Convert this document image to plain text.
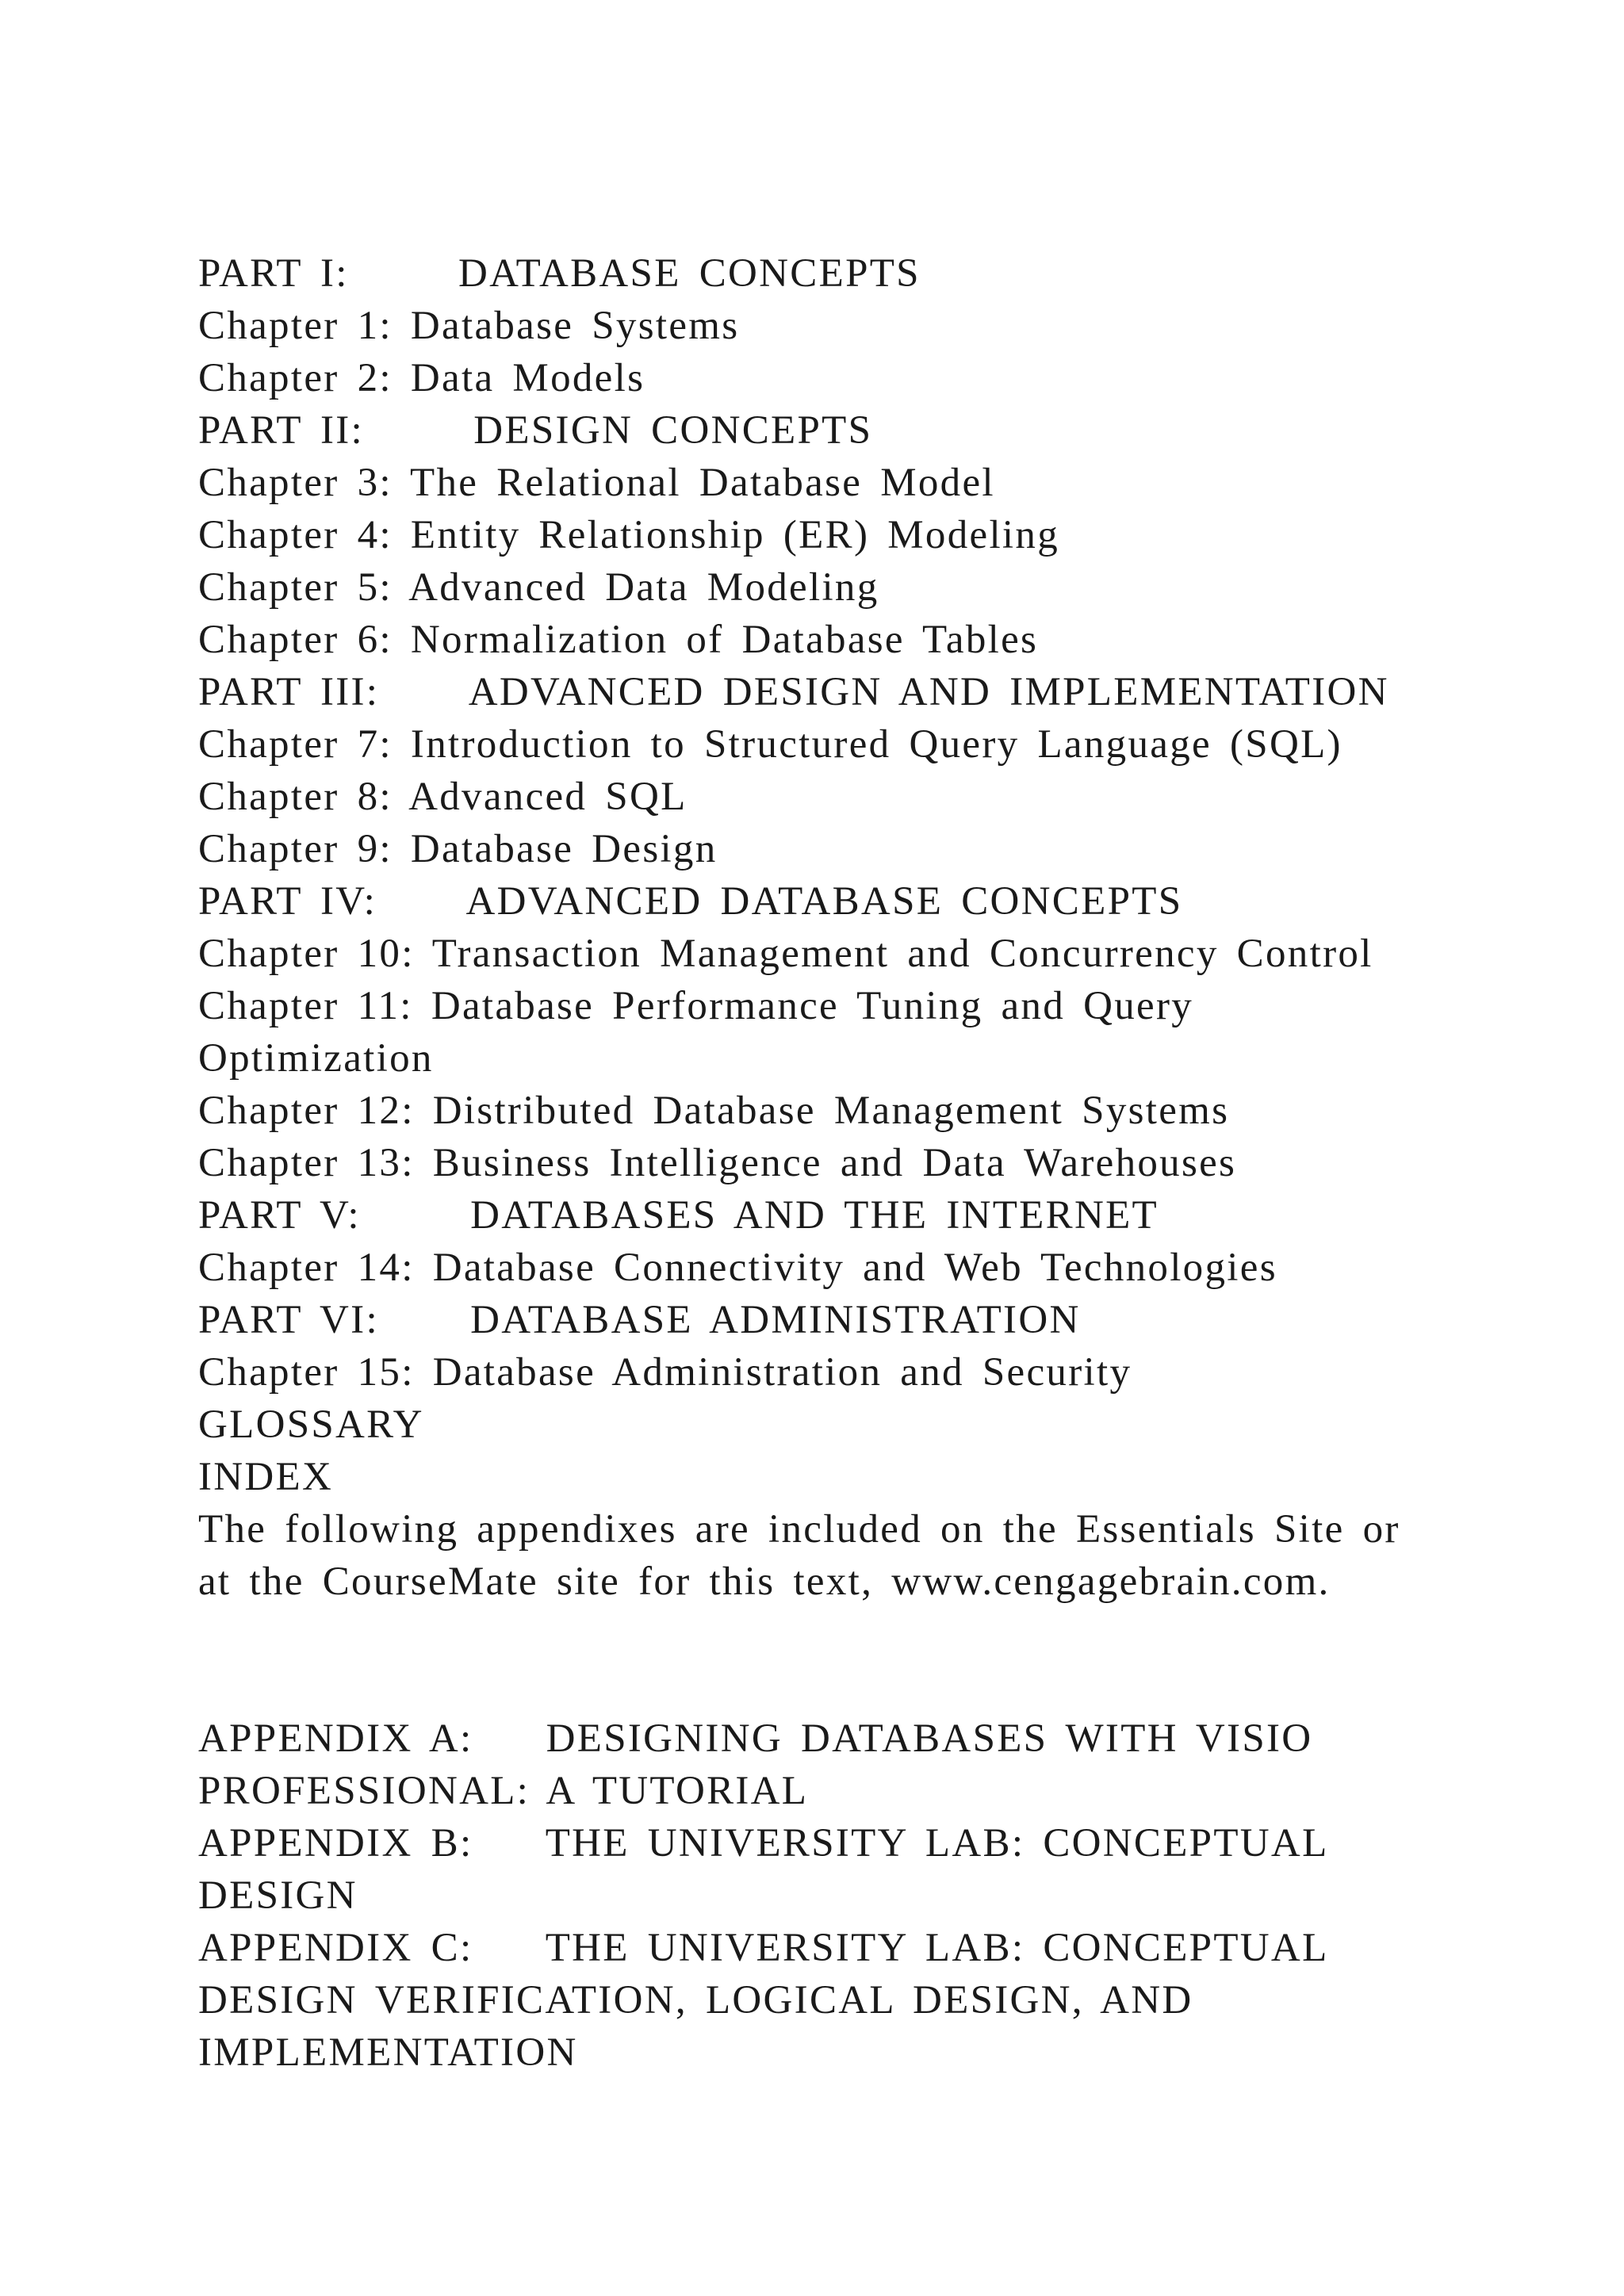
PART I:      DATABASE CONCEPTS

Chapter 1: Database Systems

Chapter 2: Data Models

PART II:      DESIGN CONCEPTS

Chapter 3: The Relational Database Model

Chapter 4: Entity Relationship (ER) Modeling

Chapter 5: Advanced Data Modeling

Chapter 6: Normalization of Database Tables

PART III:     ADVANCED DESIGN AND IMPLEMENTATION

Chapter 7: Introduction to Structured Query Language (SQL)

Chapter 8: Advanced SQL

Chapter 9: Database Design

PART IV:     ADVANCED DATABASE CONCEPTS

Chapter 10: Transaction Management and Concurrency Control

Chapter 11: Database Performance Tuning and Query

Optimization

Chapter 12: Distributed Database Management Systems

Chapter 13: Business Intelligence and Data Warehouses

PART V:      DATABASES AND THE INTERNET

Chapter 14: Database Connectivity and Web Technologies

PART VI:     DATABASE ADMINISTRATION

Chapter 15: Database Administration and Security

GLOSSARY

INDEX

The following appendixes are included on the Essentials Site or

at the CourseMate site for this text, www.cengagebrain.com.

APPENDIX A:    DESIGNING DATABASES WITH VISIO

PROFESSIONAL: A TUTORIAL

APPENDIX B:    THE UNIVERSITY LAB: CONCEPTUAL

DESIGN

APPENDIX C:    THE UNIVERSITY LAB: CONCEPTUAL

DESIGN VERIFICATION, LOGICAL DESIGN, AND

IMPLEMENTATION
